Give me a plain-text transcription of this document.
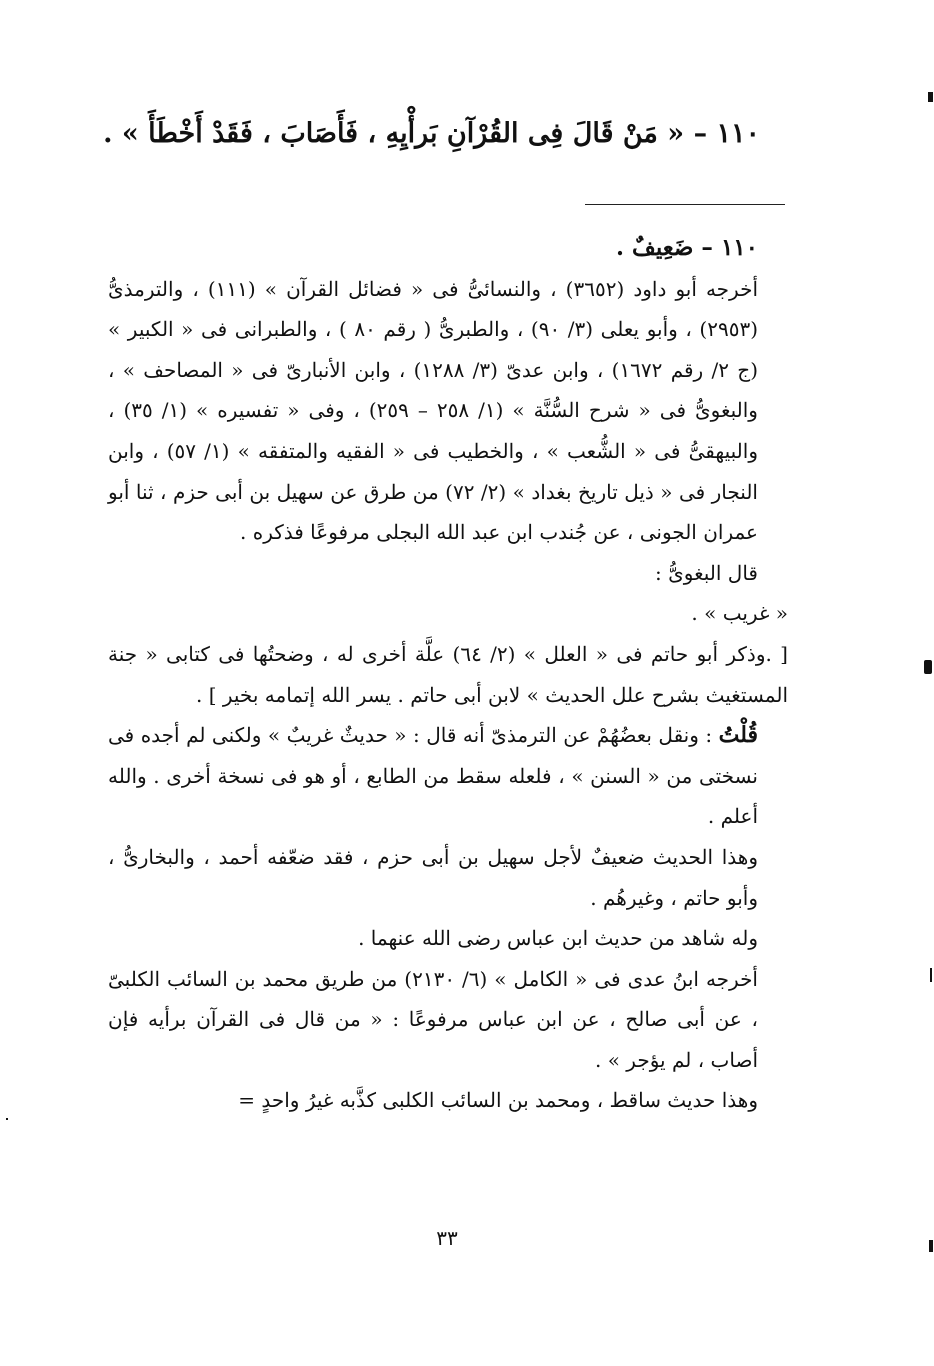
١١٠ – « مَنْ قَالَ فِى القُرْآنِ بَرأْيِهِ ، فَأَصَابَ ، فَقَدْ أَخْطَأَ » .

١١٠ – ضَعِيفٌ .

أخرجه أبو داود (٣٦٥٢) ، والنسائىُّ فى « فضائل القرآن » (١١١) ، والترمذىُّ (٢٩٥٣) ، وأبو يعلى (٣/ ٩٠) ، والطبرىُّ ( رقم ٨٠ ) ، والطبرانى فى « الكبير » (ج ٢/ رقم ١٦٧٢) ، وابن عدىّ (٣/ ١٢٨٨) ، وابن الأنبارىّ فى « المصاحف » ، والبغوىُّ فى « شرح السُّنَّة » (١/ ٢٥٨ – ٢٥٩) ، وفى « تفسيره » (١/ ٣٥) ، والبيهقىُّ فى « الشُّعب » ، والخطيب فى « الفقيه والمتفقه » (١/ ٥٧) ، وابن النجار فى « ذيل تاريخ بغداد » (٢/ ٧٢) من طرق عن سهيل بن أبى حزم ، ثنا أبو عمران الجونى ، عن جُندب ابن عبد الله البجلى مرفوعًا فذكره .

قال البغوىُّ :

« غريب » .

[ .وذكر أبو حاتم فى « العلل » (٢/ ٦٤) علَّة أخرى له ، وضحتُها فى كتابى « جنة المستغيث بشرح علل الحديث » لابن أبى حاتم . يسر الله إتمامه بخير ] .

قُلْتُ : ونقل بعضُهُمْ عن الترمذىّ أنه قال : « حديثٌ غريبٌ » ولكنى لم أجده فى نسختى من « السنن » ، فلعله سقط من الطابع ، أو هو فى نسخة أخرى . والله أعلم .

وهذا الحديث ضعيفٌ لأجل سهيل بن أبى حزم ، فقد ضعّفه أحمد ، والبخارىُّ ، وأبو حاتم ، وغيرهُم .

وله شاهد من حديث ابن عباس رضى الله عنهما .

أخرجه ابنُ عدى فى « الكامل » (٦/ ٢١٣٠) من طريق محمد بن السائب الكلبىّ ، عن أبى صالح ، عن ابن عباس مرفوعًا : « من قال فى القرآن برأيه فإن أصاب ، لم يؤجر » .

وهذا حديث ساقط ، ومحمد بن السائب الكلبى كذَّبه غيرُ واحدٍ =

٣٣
